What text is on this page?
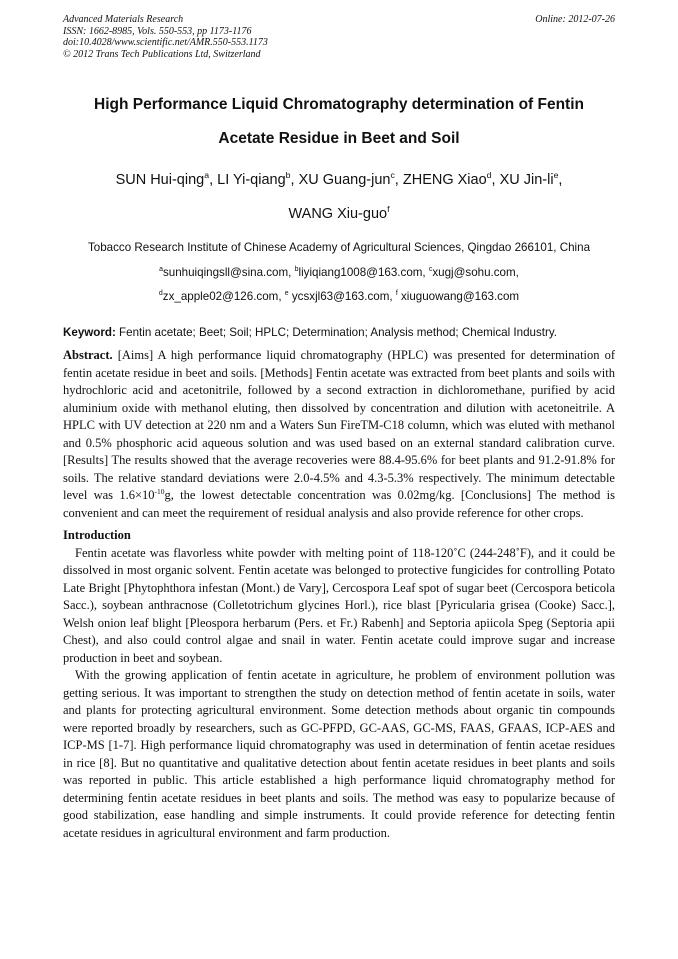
Advanced Materials Research
ISSN: 1662-8985, Vols. 550-553, pp 1173-1176
doi:10.4028/www.scientific.net/AMR.550-553.1173
© 2012 Trans Tech Publications Ltd, Switzerland
Online: 2012-07-26
High Performance Liquid Chromatography determination of Fentin
Acetate Residue in Beet and Soil
SUN Hui-qing$^a$, LI Yi-qiang$^b$, XU Guang-jun$^c$, ZHENG Xiao$^d$, XU Jin-$li^e$,
WANG Xiu-guo$^f$
Tobacco Research Institute of Chinese Academy of Agricultural Sciences, Qingdao 266101, China
$^a$sunhuiqingsll@sina.com, $^b$liyiqiang1008@163.com, $^c$xugj@sohu.com,
$^d$zx_apple02@126.com, $^e$ ycsxjl63@163.com, $^f$ xiuguowang@163.com
Keyword: Fentin acetate; Beet; Soil; HPLC; Determination; Analysis method; Chemical Industry.

Abstract. [Aims] A high performance liquid chromatography (HPLC) was presented for determination of fentin acetate residue in beet and soils. [Methods] Fentin acetate was extracted from beet plants and soils with hydrochloric acid and acetonitrile, followed by a second extraction in dichloromethane, purified by acid aluminium oxide with methanol eluting, then dissolved by concentration and dilution with acetoneitrile. A HPLC with UV detection at 220 nm and a Waters Sun FireTM-C18 column, which was eluted with methanol and 0.5% phosphoric acid aqueous solution and was used based on an external standard calibration curve. [Results] The results showed that the average recoveries were 88.4-95.6% for beet plants and 91.2-91.8% for soils. The relative standard deviations were 2.0-4.5% and 4.3-5.3% respectively. The minimum detectable level was $1.6\times 10^{-10}g$, the lowest detectable concentration was 0.02mg/kg. [Conclusions] The method is convenient and can meet the requirement of residual analysis and also provide reference for other crops.

Introduction

Fentin acetate was flavorless white powder with melting point of 118-120˚C (244-248˚F), and it could be dissolved in most organic solvent. Fentin acetate was belonged to protective fungicides for controlling Potato Late Bright [Phytophthora infestan (Mont.) de Vary], Cercospora Leaf spot of sugar beet (Cercospora beticola Sacc.), soybean anthracnose (Colletotrichum glycines Horl.), rice blast [Pyricularia grisea (Cooke) Sacc.], Welsh onion leaf blight [Pleospora herbarum (Pers. et Fr.) Rabenh] and Septoria apiicola Speg (Septoria apii Chest), and also could control algae and snail in water. Fentin acetate could improve sugar and increase production in beet and soybean.

With the growing application of fentin acetate in agriculture, he problem of environment pollution was getting serious. It was important to strengthen the study on detection method of fentin acetate in soils, water and plants for protecting agricultural environment. Some detection methods about organic tin compounds were reported broadly by researchers, such as GC-PFPD, GC-AAS, GC-MS, FAAS, GFAAS, ICP-AES and ICP-MS [1-7]. High performance liquid chromatography was used in determination of fentin acetae residues in rice [8]. But no quantitative and qualitative detection about fentin acetate residues in beet plants and soils was reported in public. This article established a high performance liquid chromatography method for determining fentin acetate residues in beet plants and soils. The method was easy to popularize because of good stabilization, ease handling and simple instruments. It could provide reference for detecting fentin acetate residues in agricultural environment and farm production.
